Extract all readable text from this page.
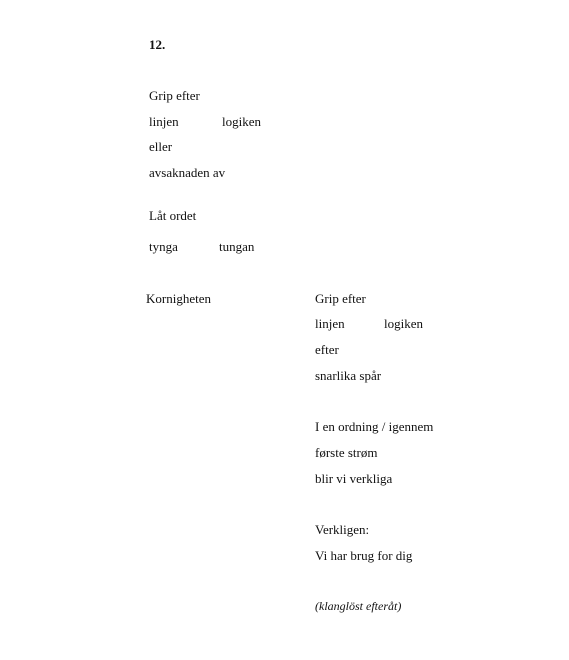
12.
Grip efter
linjen	logiken
eller
avsaknaden av
Låt ordet
tynga	tungan
Kornigheten	Grip efter
linjen	logiken
efter
snarlika spår
I en ordning / igennem
første strøm
blir vi verkliga
Verkligen:
Vi har brug for dig
(klanglöst efteråt)
